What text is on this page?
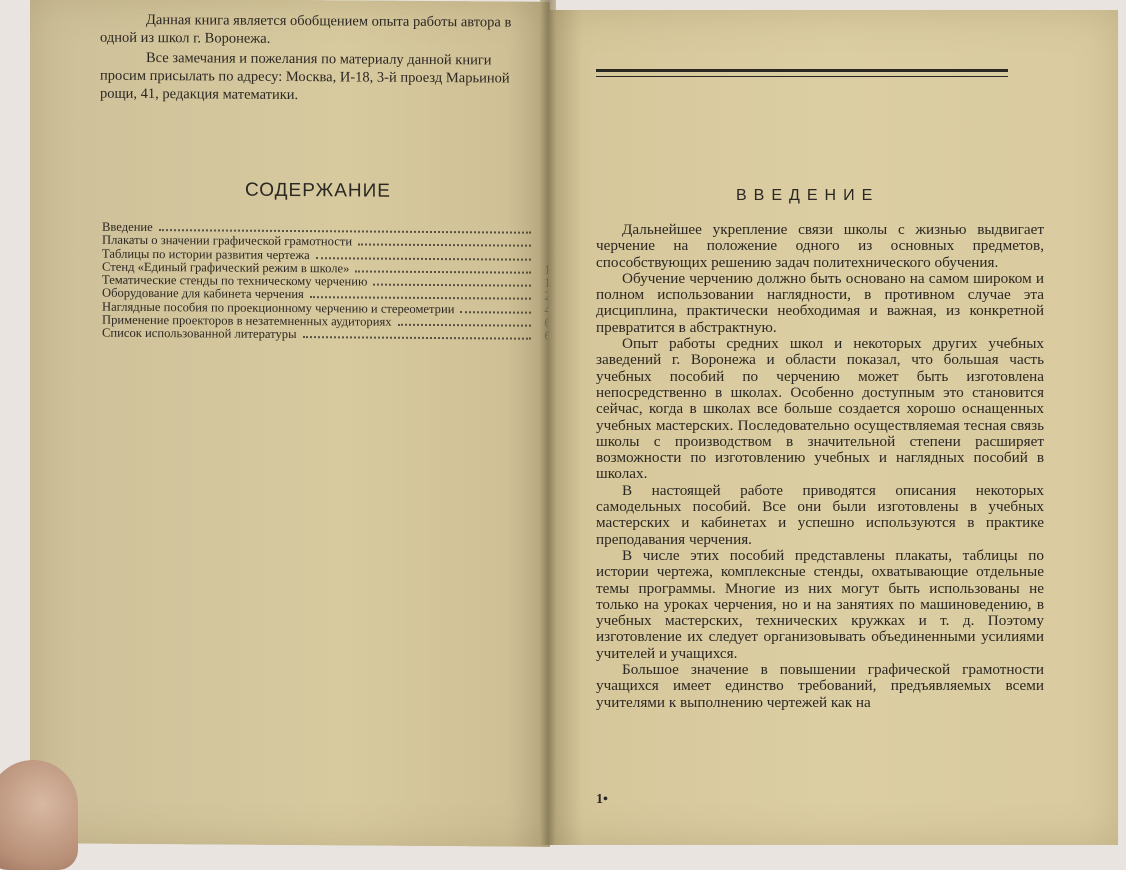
Данная книга является обобщением опыта работы автора в одной из школ г. Воронежа.

Все замечания и пожелания по материалу данной книги просим присылать по адресу: Москва, И-18, 3-й проезд Марьиной рощи, 41, редакция математики.

СОДЕРЖАНИЕ
Введение
Плакаты о значении графической грамотности
Таблицы по истории развития чертежа
Стенд «Единый графический режим в школе»
Тематические стенды по техническому черчению
Оборудование для кабинета черчения
Наглядные пособия по проекционному черчению и стереометрии
Применение проекторов в незатемненных аудиториях
Список использованной литературы
ВВЕДЕНИЕ

Дальнейшее укрепление связи школы с жизнью выдвигает черчение на положение одного из основных предметов, способствующих решению задач политехнического обучения.

Обучение черчению должно быть основано на самом широком и полном использовании наглядности, в противном случае эта дисциплина, практически необходимая и важная, из конкретной превратится в абстрактную.

Опыт работы средних школ и некоторых других учебных заведений г. Воронежа и области показал, что большая часть учебных пособий по черчению может быть изготовлена непосредственно в школах. Особенно доступным это становится сейчас, когда в школах все больше создается хорошо оснащенных учебных мастерских. Последовательно осуществляемая тесная связь школы с производством в значительной степени расширяет возможности по изготовлению учебных и наглядных пособий в школах.

В настоящей работе приводятся описания некоторых самодельных пособий. Все они были изготовлены в учебных мастерских и кабинетах и успешно используются в практике преподавания черчения.

В числе этих пособий представлены плакаты, таблицы по истории чертежа, комплексные стенды, охватывающие отдельные темы программы. Многие из них могут быть использованы не только на уроках черчения, но и на занятиях по машиноведению, в учебных мастерских, технических кружках и т. д. Поэтому изготовление их следует организовывать объединенными усилиями учителей и учащихся.

Большое значение в повышении графической грамотности учащихся имеет единство требований, предъявляемых всеми учителями к выполнению чертежей как на

1•
